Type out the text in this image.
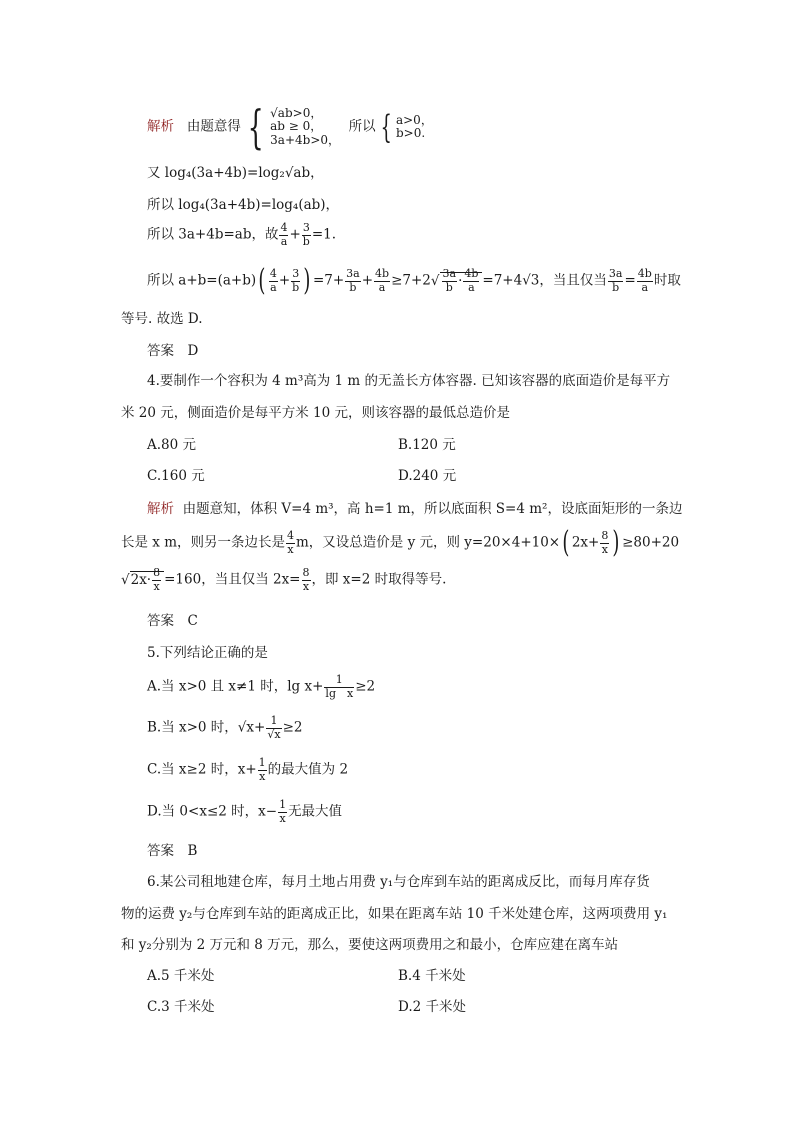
解析 由题意得 { √ab>0，
ab ≥ 0，
3a+4b>0，
所以 { a>0，
b>0.
又 log₄(3a+4b)=log₂√ab，
所以 log₄(3a+4b)=log₄(ab)，
所以 3a+4b=ab，故 $\frac{4}{a} + \frac{3}{b} =1$.
所以 $a+b=(a+b)( \frac{4}{a} + \frac{3}{b}$ ) $=7+ \frac{3a}{b} + \frac{4b}{a} \ge 7+2√ \frac{3a}{b} \cdot \frac{4b}{a} =7+4√3$，当且仅当 $\frac{3a}{b} = \frac{4b}{a}$ 时取
等号. 故选 D.
答案　D
4.要制作一个容积为 4 m³高为 1 m 的无盖长方体容器. 已知该容器的底面造价是每平方
米 20 元，侧面造价是每平方米 10 元，则该容器的最低总造价是
A.80 元	B.120 元
C.160 元	D.240 元
解析 由题意知，体积 V=4 m³，高 h=1 m，所以底面积 S=4 m²，设底面矩形的一条边
长是 x m，则另一条边长是 $\frac{4}{x}$ m，又设总造价是 y 元，则 y=20×4+10×( $2x+ \frac{8}{x}$ ) ≥80+20
√ $2x\cdot \frac{8}{x} =160$，当且仅当 $2x= \frac{8}{x}$ ，即 x=2 时取得等号.
答案　C
5.下列结论正确的是
A.当 x>0 且 x≠1 时，$\lg x+ \frac{1}{\text{lg　x}} \ge 2$
B.当 x>0 时，$√x+ \frac{1}{√x} \ge 2$
C.当 x≥2 时，$x+ \frac{1}{x}$ 的最大值为 2
D.当 0<x≤2 时，$x- \frac{1}{x}$ 无最大值
答案　B
6.某公司租地建仓库，每月土地占用费 y₁与仓库到车站的距离成反比，而每月库存货
物的运费 y₂与仓库到车站的距离成正比，如果在距离车站 10 千米处建仓库，这两项费用 y₁
和 y₂分别为 2 万元和 8 万元，那么，要使这两项费用之和最小，仓库应建在离车站
A.5 千米处	B.4 千米处
C.3 千米处	D.2 千米处
